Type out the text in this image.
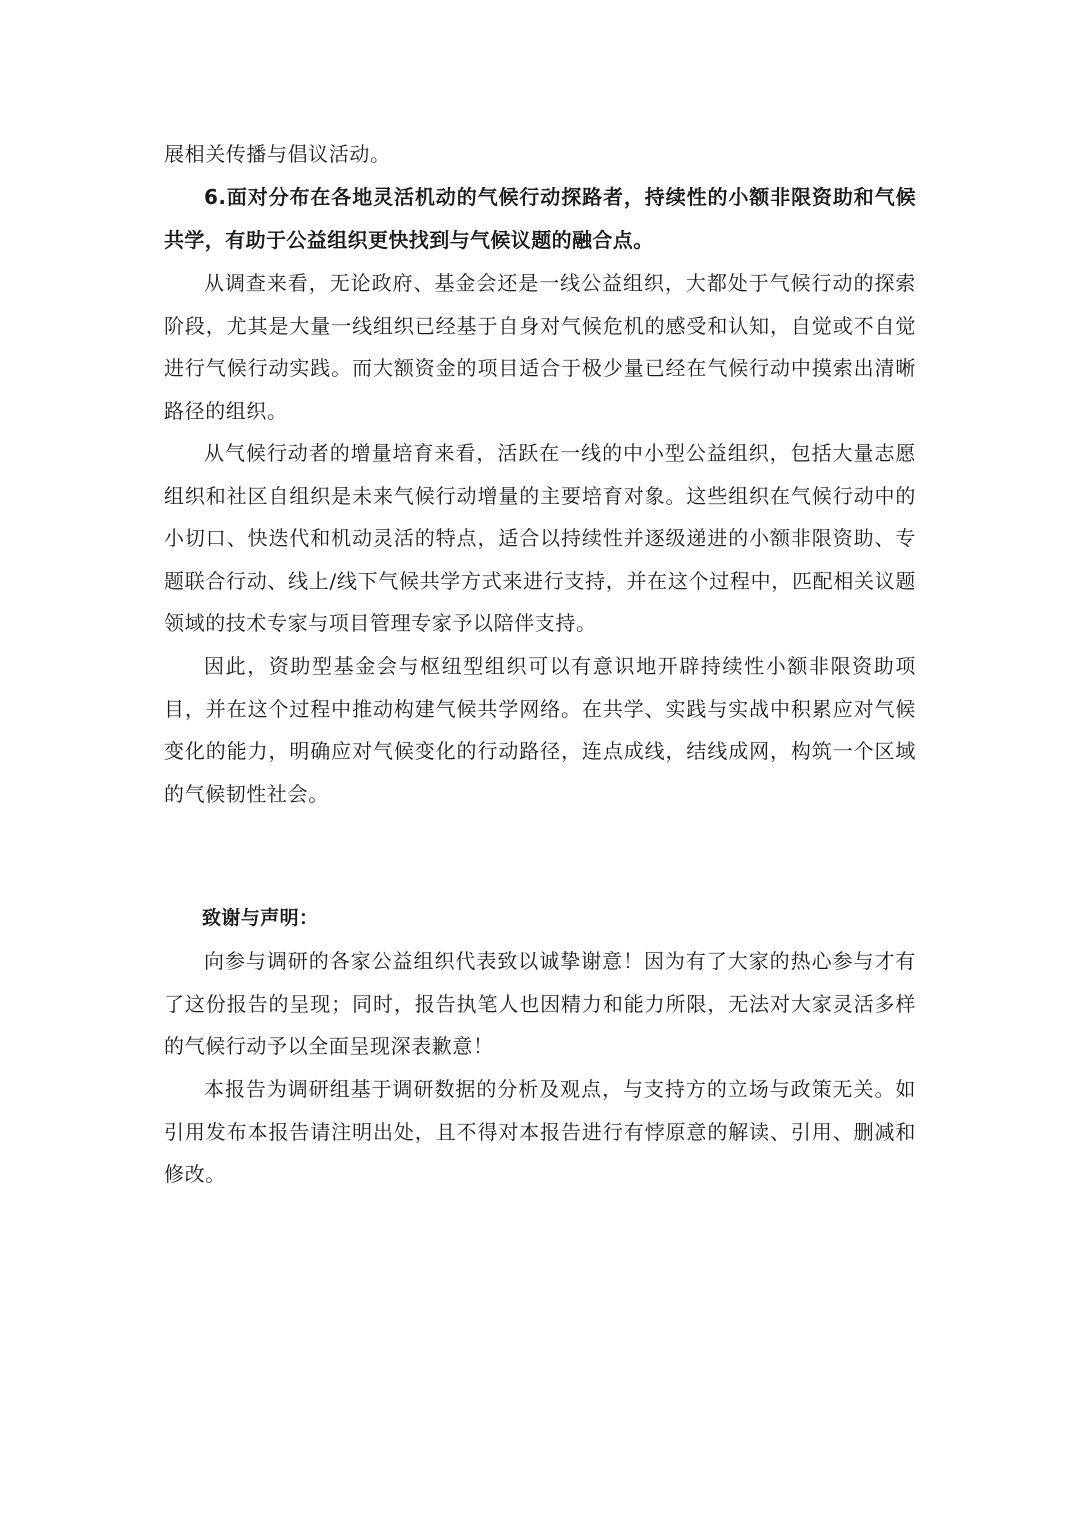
展相关传播与倡议活动。

6.面对分布在各地灵活机动的气候行动探路者，持续性的小额非限资助和气候共学，有助于公益组织更快找到与气候议题的融合点。

从调查来看，无论政府、基金会还是一线公益组织，大都处于气候行动的探索阶段，尤其是大量一线组织已经基于自身对气候危机的感受和认知，自觉或不自觉进行气候行动实践。而大额资金的项目适合于极少量已经在气候行动中摸索出清晰路径的组织。

从气候行动者的增量培育来看，活跃在一线的中小型公益组织，包括大量志愿组织和社区自组织是未来气候行动增量的主要培育对象。这些组织在气候行动中的小切口、快迭代和机动灵活的特点，适合以持续性并逐级递进的小额非限资助、专题联合行动、线上/线下气候共学方式来进行支持，并在这个过程中，匹配相关议题领域的技术专家与项目管理专家予以陪伴支持。

因此，资助型基金会与枢纽型组织可以有意识地开辟持续性小额非限资助项目，并在这个过程中推动构建气候共学网络。在共学、实践与实战中积累应对气候变化的能力，明确应对气候变化的行动路径，连点成线，结线成网，构筑一个区域的气候韧性社会。

致谢与声明：

向参与调研的各家公益组织代表致以诚挚谢意！因为有了大家的热心参与才有了这份报告的呈现；同时，报告执笔人也因精力和能力所限，无法对大家灵活多样的气候行动予以全面呈现深表歉意！

本报告为调研组基于调研数据的分析及观点，与支持方的立场与政策无关。如引用发布本报告请注明出处，且不得对本报告进行有悖原意的解读、引用、删减和修改。
